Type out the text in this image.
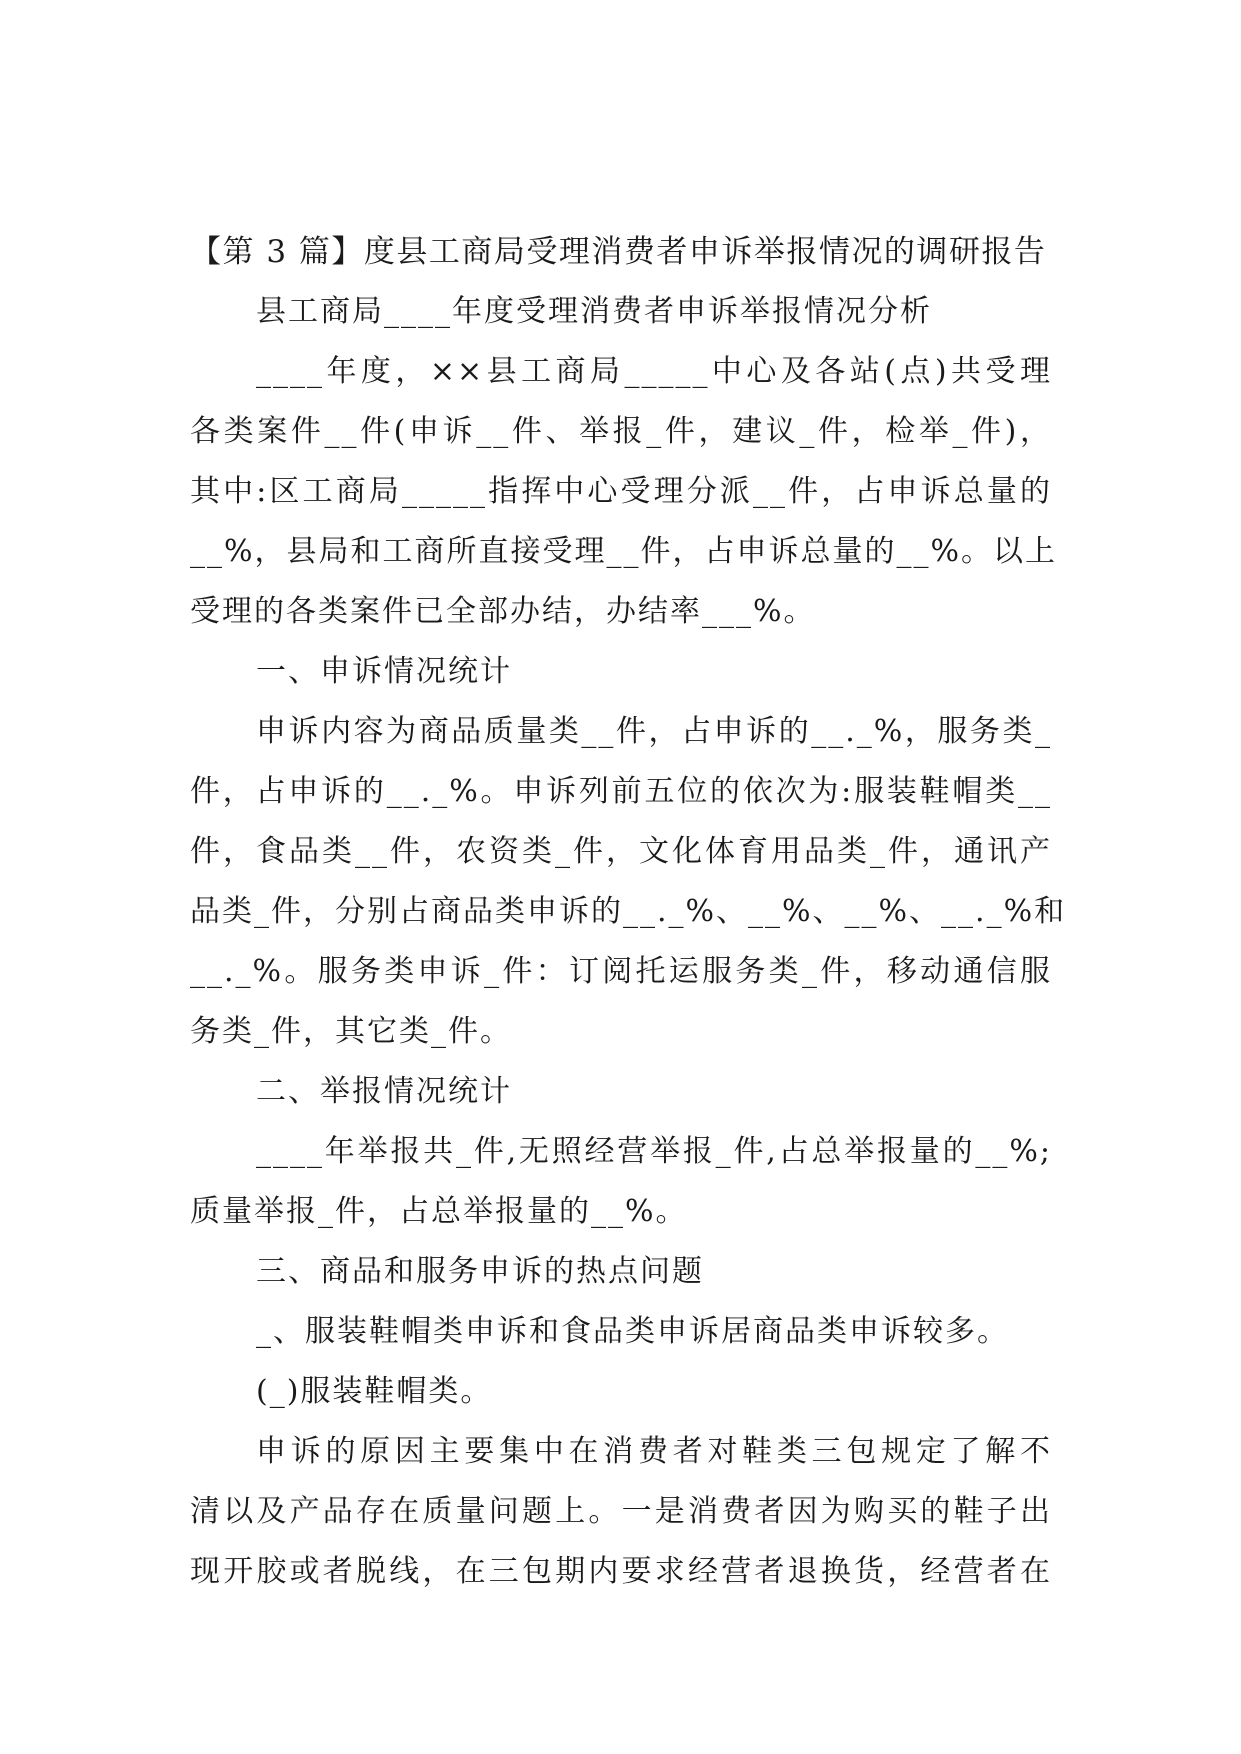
【第 3 篇】度县工商局受理消费者申诉举报情况的调研报告
县工商局____年度受理消费者申诉举报情况分析
____年度，××县工商局_____中心及各站(点)共受理
各类案件__件(申诉__件、举报_件，建议_件，检举_件)，
其中:区工商局_____指挥中心受理分派__件，占申诉总量的
__%，县局和工商所直接受理__件，占申诉总量的__%。以上
受理的各类案件已全部办结，办结率___%。
一、申诉情况统计
申诉内容为商品质量类__件，占申诉的__._%，服务类_
件，占申诉的__._%。申诉列前五位的依次为:服装鞋帽类__
件，食品类__件，农资类_件，文化体育用品类_件，通讯产
品类_件，分别占商品类申诉的__._%、__%、__%、__._%和
__._%。服务类申诉_件：订阅托运服务类_件，移动通信服
务类_件，其它类_件。
二、举报情况统计
____年举报共_件,无照经营举报_件,占总举报量的__%;
质量举报_件，占总举报量的__%。
三、商品和服务申诉的热点问题
_、服装鞋帽类申诉和食品类申诉居商品类申诉较多。
(_)服装鞋帽类。
申诉的原因主要集中在消费者对鞋类三包规定了解不
清以及产品存在质量问题上。一是消费者因为购买的鞋子出
现开胶或者脱线，在三包期内要求经营者退换货，经营者在
